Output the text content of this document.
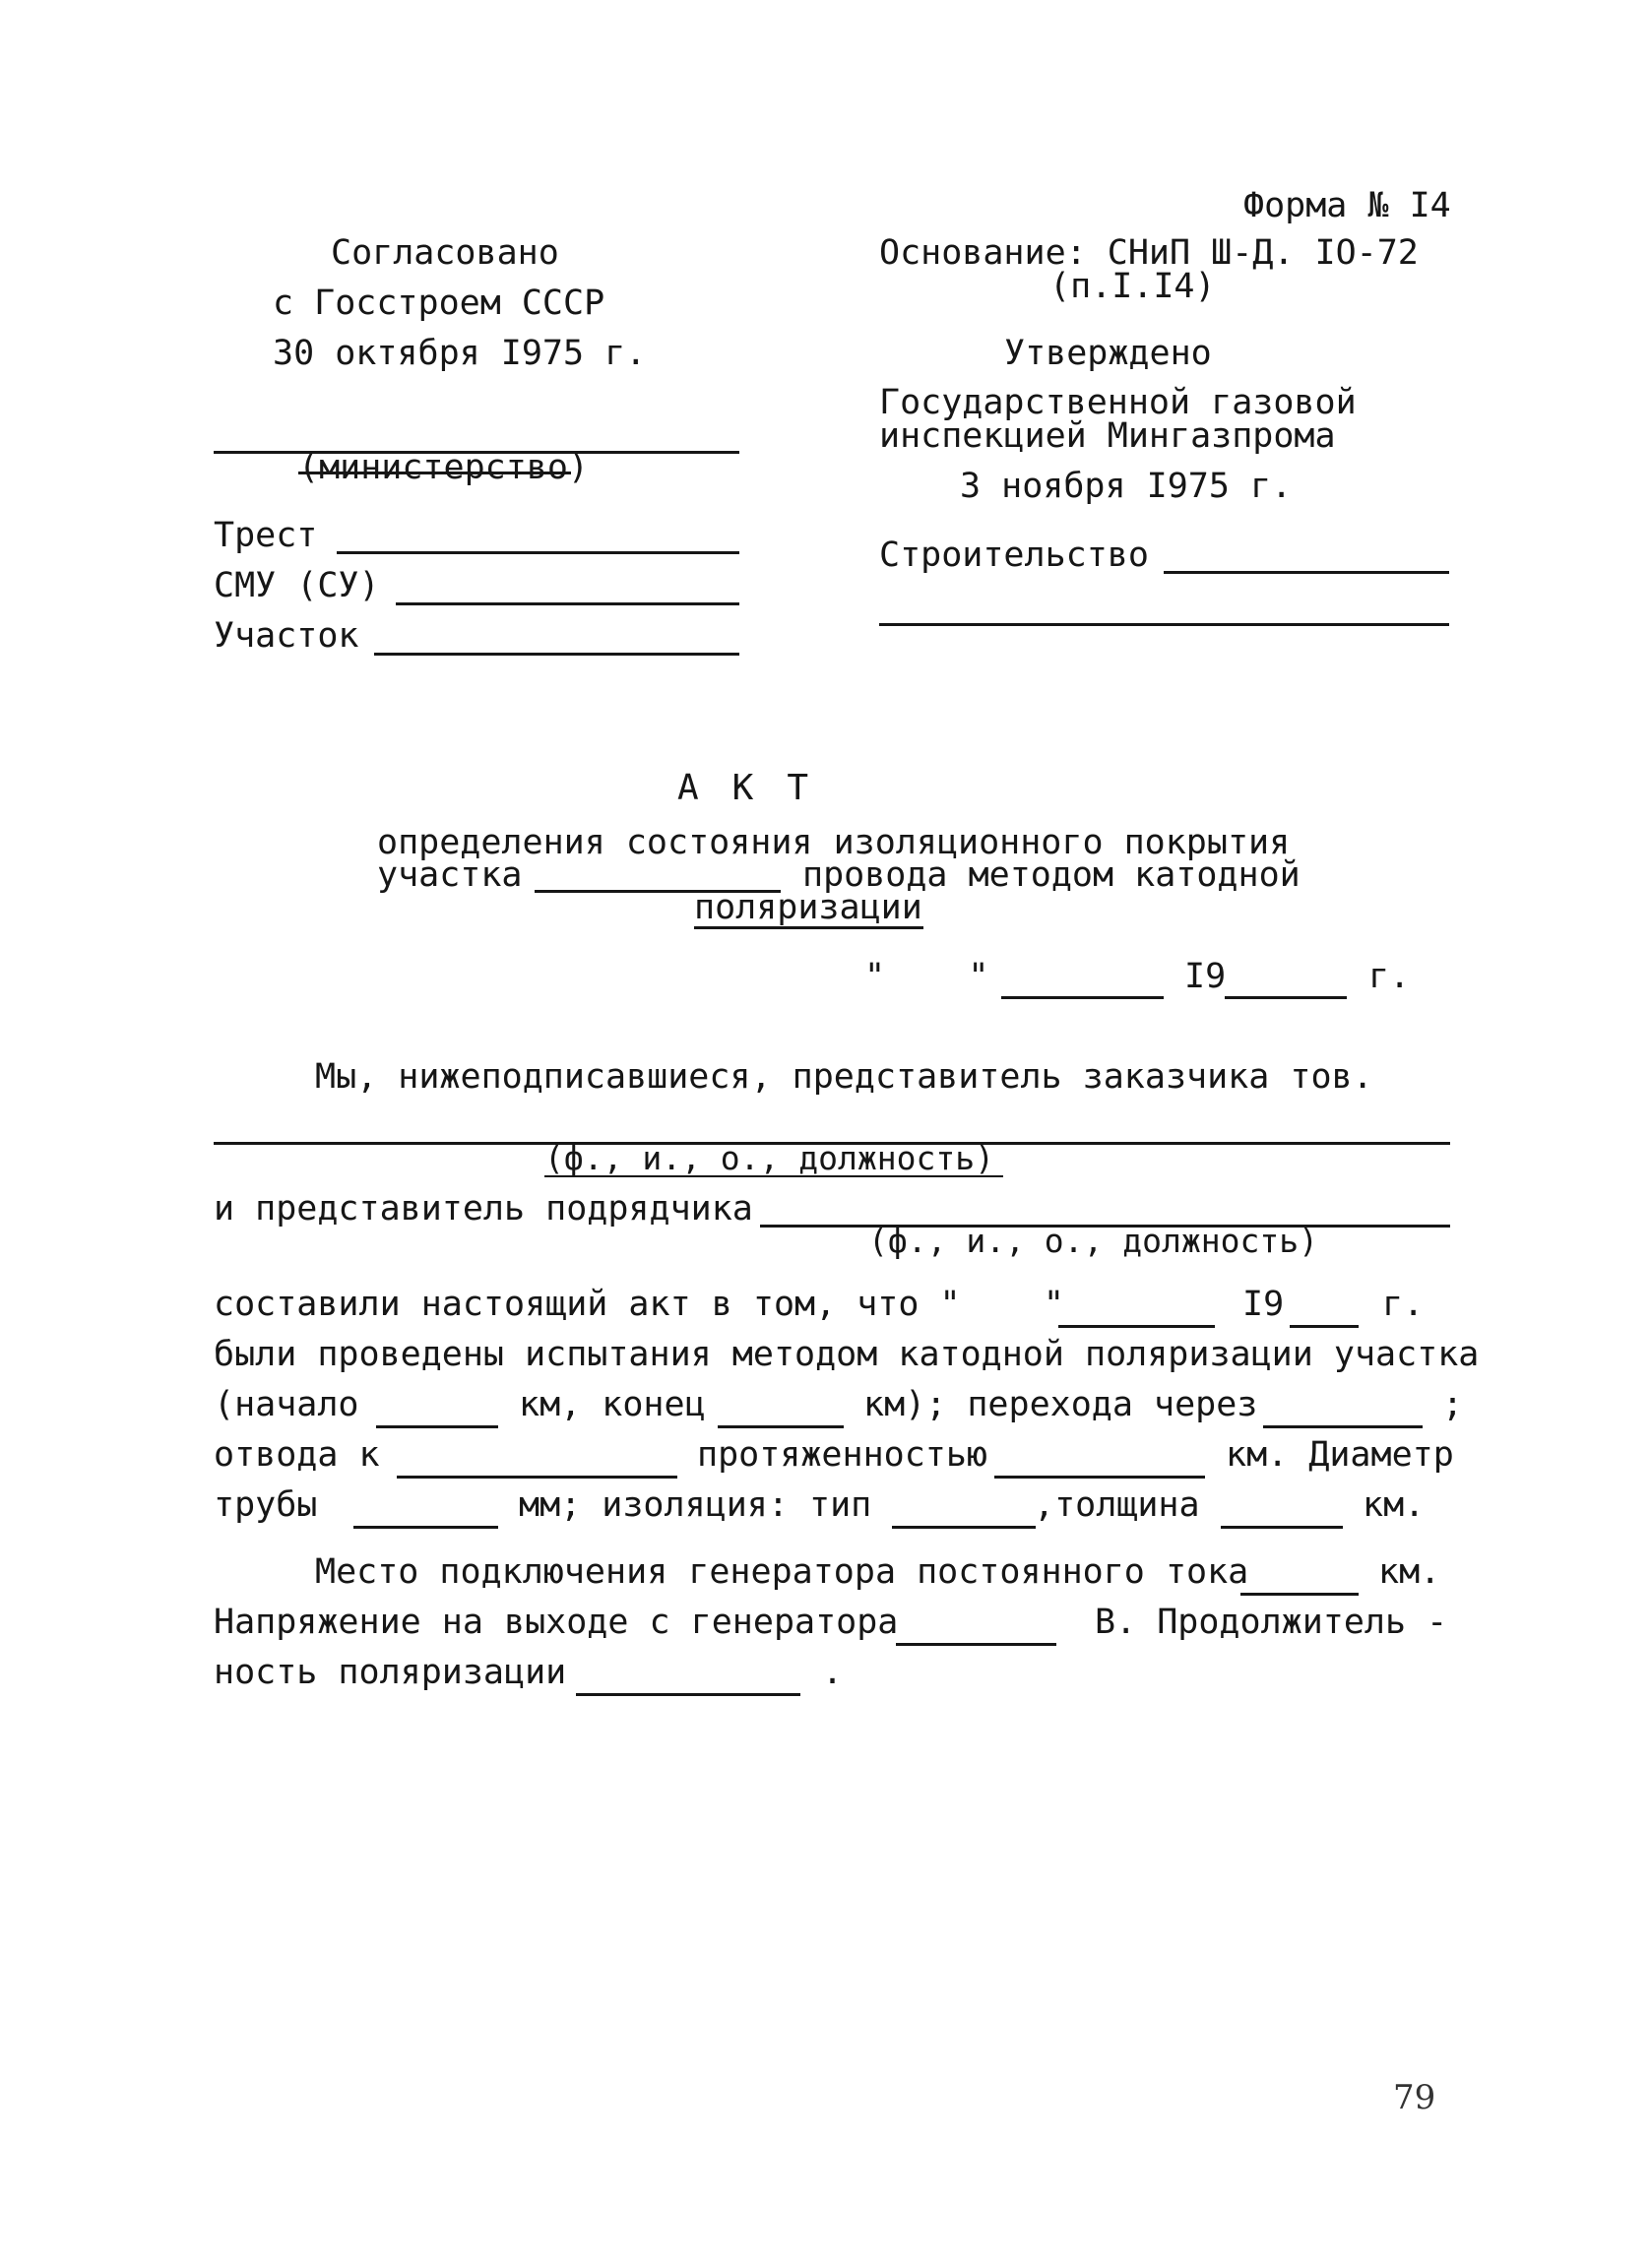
Форма № I4
Согласовано
с Госстроем СССР
30 октября I975 г.
Основание: СНиП Ш-Д. IO-72
(п.I.I4)
Утверждено
Государственной газовой
инспекцией Мингазпрома
3 ноября I975 г.
(министерство)
Трест
СМУ (СУ)
Участок
Строительство
АКТ
определения состояния изоляционного покрытия
участка	провода методом катодной
поляризации
"    "	I9	г.
Мы, нижеподписавшиеся, представитель заказчика тов.
(ф., и., о., должность)
и представитель подрядчика
(ф., и., о., должность)
составили настоящий акт в том, что "    "	I9	г.
были проведены испытания методом катодной поляризации участка
(начало	км, конец	км); перехода через	;
отвода к	протяженностью	км. Диаметр
трубы	мм; изоляция: тип	,толщина	км.
Место подключения генератора постоянного тока	км.
Напряжение на выходе с генератора	В. Продолжитель -
ность поляризации	.
79
